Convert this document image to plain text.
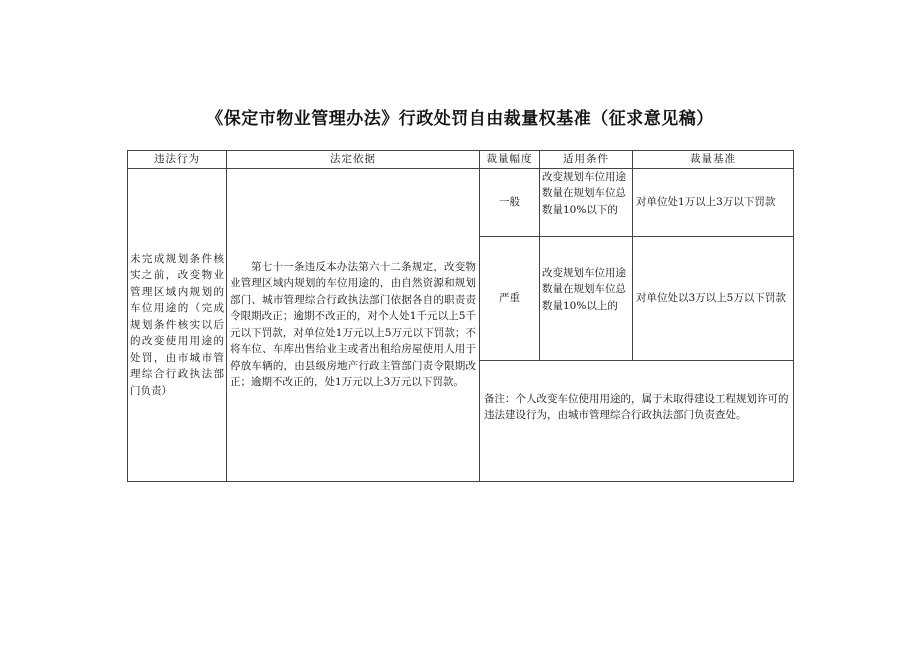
《保定市物业管理办法》行政处罚自由裁量权基准（征求意见稿）
违法行为	法定依据	裁量幅度	适用条件	裁量基准
未完成规划条件核实之前，改变物业管理区域内规划的车位用途的（完成规划条件核实以后的改变使用用途的处罚，由市城市管理综合行政执法部门负责）	第七十一条违反本办法第六十二条规定，改变物业管理区域内规划的车位用途的，由自然资源和规划部门、城市管理综合行政执法部门依据各自的职责责令限期改正；逾期不改正的，对个人处1千元以上5千元以下罚款，对单位处1万元以上5万元以下罚款；不将车位、车库出售给业主或者出租给房屋使用人用于停放车辆的，由县级房地产行政主管部门责令限期改正；逾期不改正的，处1万元以上3万元以下罚款。	一般	改变规划车位用途数量在规划车位总数量10%以下的	对单位处1万以上3万以下罚款
		严重	改变规划车位用途数量在规划车位总数量10%以上的	对单位处以3万以上5万以下罚款

		备注：个人改变车位使用用途的，属于未取得建设工程规划许可的违法建设行为，由城市管理综合行政执法部门负责查处。		
